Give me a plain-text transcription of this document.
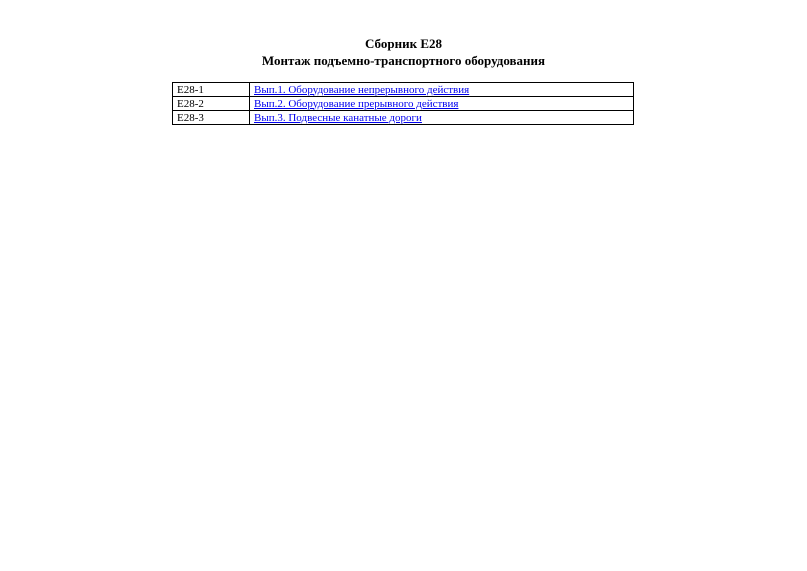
Сборник Е28

Монтаж подъемно-транспортного оборудования

Е28-1	Вып.1. Оборудование непрерывного действия
Е28-2	Вып.2. Оборудование прерывного действия
Е28-3	Вып.3. Подвесные канатные дороги
